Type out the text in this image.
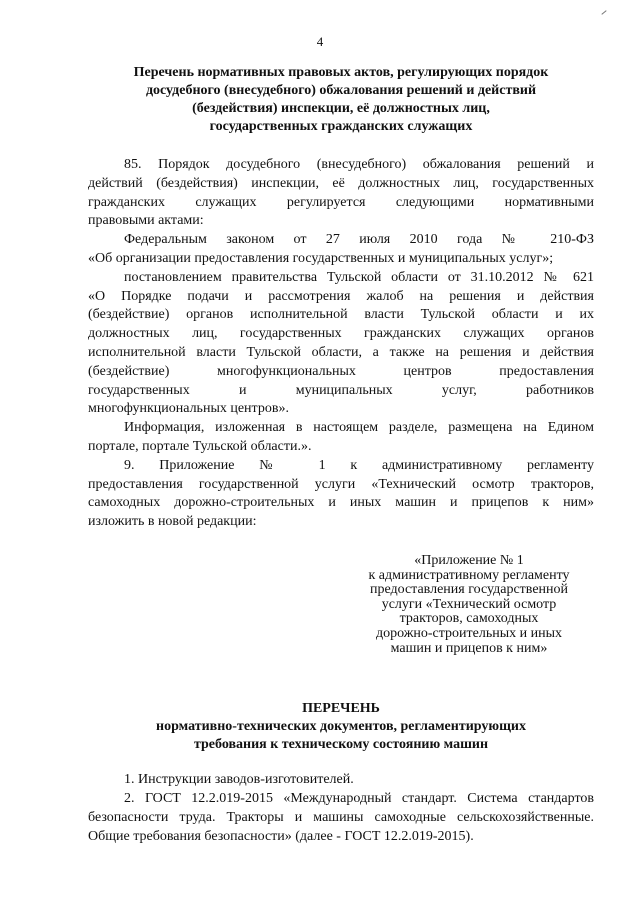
4
Перечень нормативных правовых актов, регулирующих порядок
досудебного (внесудебного) обжалования решений и действий
(бездействия) инспекции, её должностных лиц,
государственных гражданских служащих
85. Порядок досудебного (внесудебного) обжалования решений и
действий (бездействия) инспекции, её должностных лиц, государственных
гражданских служащих регулируется следующими нормативными
правовыми актами:
Федеральным законом от 27 июля 2010 года № 210-ФЗ
«Об организации предоставления государственных и муниципальных услуг»;
постановлением правительства Тульской области от 31.10.2012 № 621
«О Порядке подачи и рассмотрения жалоб на решения и действия
(бездействие) органов исполнительной власти Тульской области и их
должностных лиц, государственных гражданских служащих органов
исполнительной власти Тульской области, а также на решения и действия
(бездействие) многофункциональных центров предоставления
государственных и муниципальных услуг, работников
многофункциональных центров».
Информация, изложенная в настоящем разделе, размещена на Едином
портале, портале Тульской области.».
9. Приложение № 1 к административному регламенту
предоставления государственной услуги «Технический осмотр тракторов,
самоходных дорожно-строительных и иных машин и прицепов к ним»
изложить в новой редакции:
«Приложение № 1
к административному регламенту
предоставления государственной
услуги «Технический осмотр
тракторов, самоходных
дорожно-строительных и иных
машин и прицепов к ним»
ПЕРЕЧЕНЬ
нормативно-технических документов, регламентирующих
требования к техническому состоянию машин
1. Инструкции заводов-изготовителей.
2. ГОСТ 12.2.019-2015 «Международный стандарт. Система стандартов
безопасности труда. Тракторы и машины самоходные сельскохозяйственные.
Общие требования безопасности» (далее - ГОСТ 12.2.019-2015).
